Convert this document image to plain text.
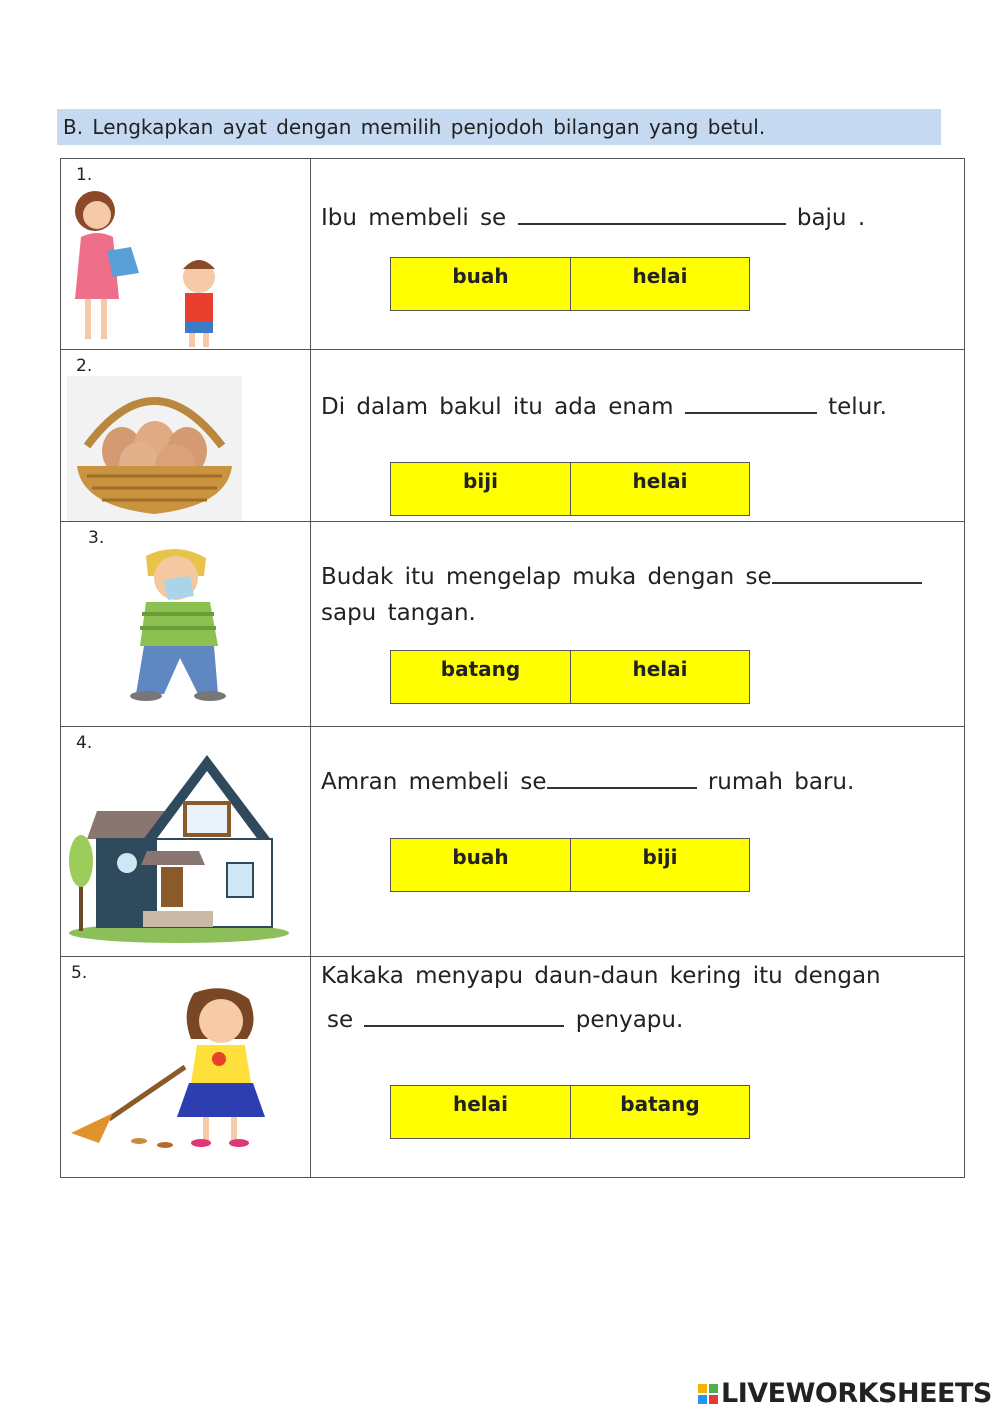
B. Lengkapkan ayat dengan memilih penjodoh bilangan yang betul.
1.	Ibu membeli se baju .
buah helai

2.	Di dalam bakul itu ada enam telur.
biji helai

3.	Budak itu mengelap muka dengan se
sapu tangan.
batang helai

4.	Amran membeli se rumah baru.
buah biji

5.	Kakaka menyapu daun-daun kering itu dengan
se penyapu.
helai batang
LIVEWORKSHEETS
